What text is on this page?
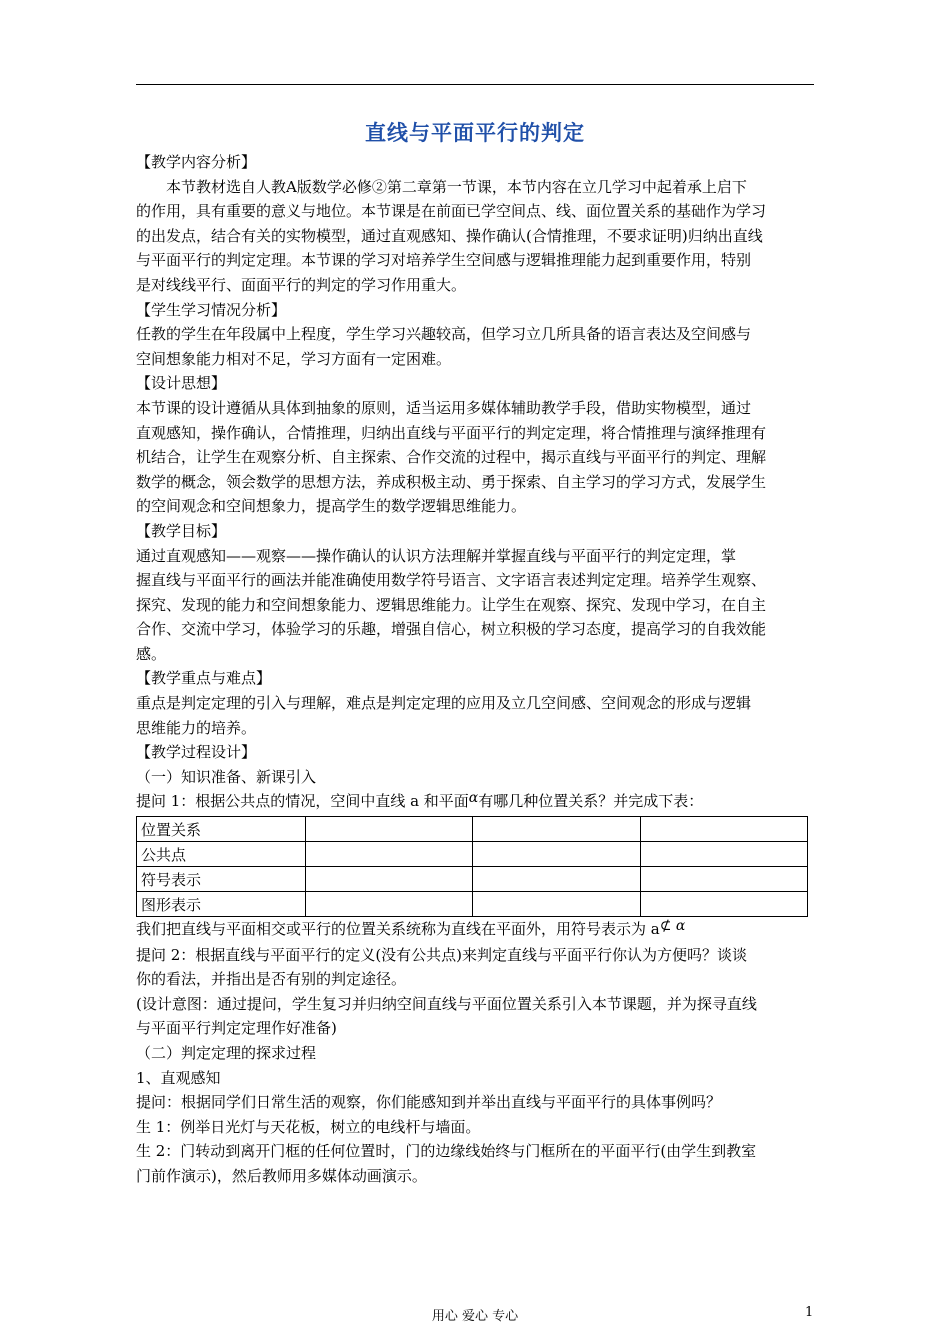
直线与平面平行的判定
【教学内容分析】
本节教材选自人教A版数学必修②第二章第一节课，本节内容在立几学习中起着承上启下
的作用，具有重要的意义与地位。本节课是在前面已学空间点、线、面位置关系的基础作为学习
的出发点，结合有关的实物模型，通过直观感知、操作确认(合情推理，不要求证明)归纳出直线
与平面平行的判定定理。本节课的学习对培养学生空间感与逻辑推理能力起到重要作用，特别
是对线线平行、面面平行的判定的学习作用重大。
【学生学习情况分析】
任教的学生在年段属中上程度，学生学习兴趣较高，但学习立几所具备的语言表达及空间感与
空间想象能力相对不足，学习方面有一定困难。
【设计思想】
本节课的设计遵循从具体到抽象的原则，适当运用多媒体辅助教学手段，借助实物模型，通过
直观感知，操作确认，合情推理，归纳出直线与平面平行的判定定理，将合情推理与演绎推理有
机结合，让学生在观察分析、自主探索、合作交流的过程中，揭示直线与平面平行的判定、理解
数学的概念，领会数学的思想方法，养成积极主动、勇于探索、自主学习的学习方式，发展学生
的空间观念和空间想象力，提高学生的数学逻辑思维能力。
【教学目标】
通过直观感知——观察——操作确认的认识方法理解并掌握直线与平面平行的判定定理，掌
握直线与平面平行的画法并能准确使用数学符号语言、文字语言表述判定定理。培养学生观察、
探究、发现的能力和空间想象能力、逻辑思维能力。让学生在观察、探究、发现中学习，在自主
合作、交流中学习，体验学习的乐趣，增强自信心，树立积极的学习态度，提高学习的自我效能
感。
【教学重点与难点】
重点是判定定理的引入与理解，难点是判定定理的应用及立几空间感、空间观念的形成与逻辑
思维能力的培养。
【教学过程设计】
（一）知识准备、新课引入
提问 1：根据公共点的情况，空间中直线 a 和平面α有哪几种位置关系？并完成下表：
位置关系			
公共点			
符号表示			
图形表示			
我们把直线与平面相交或平行的位置关系统称为直线在平面外，用符号表示为 a⊄ α
提问 2：根据直线与平面平行的定义(没有公共点)来判定直线与平面平行你认为方便吗？谈谈
你的看法，并指出是否有别的判定途径。
(设计意图：通过提问，学生复习并归纳空间直线与平面位置关系引入本节课题，并为探寻直线
与平面平行判定定理作好准备)
（二）判定定理的探求过程
1、直观感知
提问：根据同学们日常生活的观察，你们能感知到并举出直线与平面平行的具体事例吗？
生 1：例举日光灯与天花板，树立的电线杆与墙面。
生 2：门转动到离开门框的任何位置时，门的边缘线始终与门框所在的平面平行(由学生到教室
门前作演示)，然后教师用多媒体动画演示。
用心 爱心 专心	1
